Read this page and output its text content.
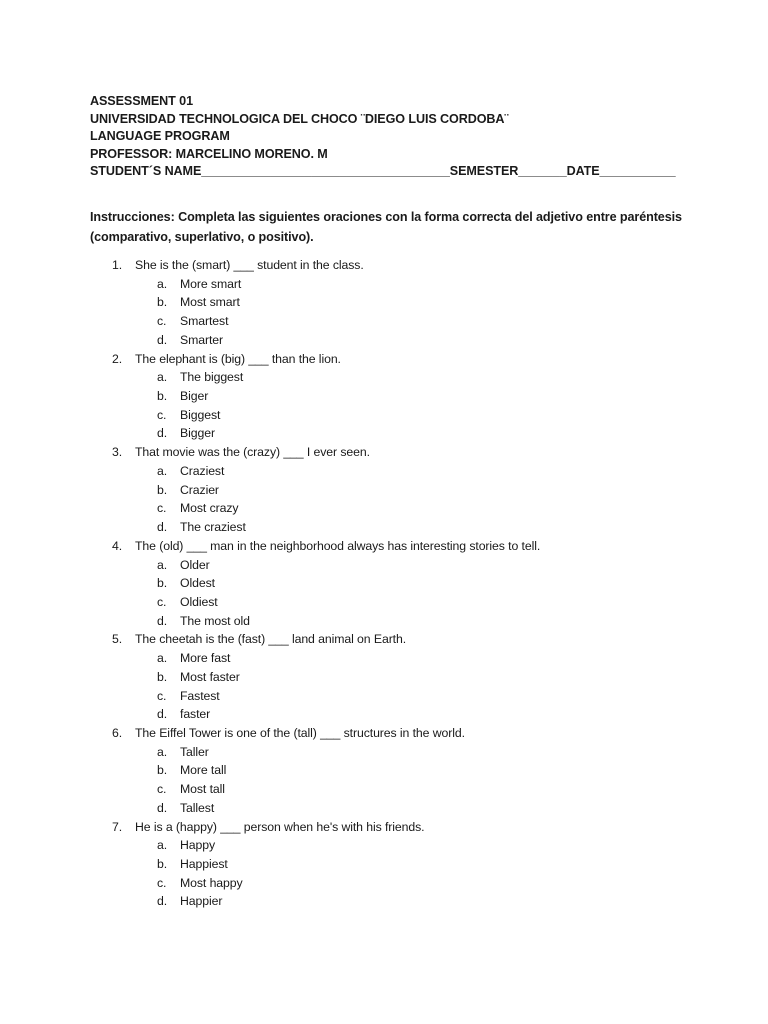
ASSESSMENT 01
UNIVERSIDAD TECHNOLOGICA DEL CHOCO ¨DIEGO LUIS CORDOBA¨
LANGUAGE PROGRAM
PROFESSOR: MARCELINO MORENO. M
STUDENT´S NAME____________________________________SEMESTER_______DATE___________
Instrucciones: Completa las siguientes oraciones con la forma correcta del adjetivo entre paréntesis (comparativo, superlativo, o positivo).
1.	She is the (smart) ___ student in the class.
a.	More smart
b.	Most smart
c.	Smartest
d.	Smarter
2.	The elephant is (big) ___ than the lion.
a.	The biggest
b.	Biger
c.	Biggest
d.	Bigger
3.	That movie was the (crazy) ___ I ever seen.
a.	Craziest
b.	Crazier
c.	Most crazy
d.	The craziest
4.	The (old) ___ man in the neighborhood always has interesting stories to tell.
a.	Older
b.	Oldest
c.	Oldiest
d.	The most old
5.	The cheetah is the (fast) ___ land animal on Earth.
a.	More fast
b.	Most faster
c.	Fastest
d.	faster
6.	The Eiffel Tower is one of the (tall) ___ structures in the world.
a.	Taller
b.	More tall
c.	Most tall
d.	Tallest
7.	He is a (happy) ___ person when he's with his friends.
a.	Happy
b.	Happiest
c.	Most happy
d.	Happier
